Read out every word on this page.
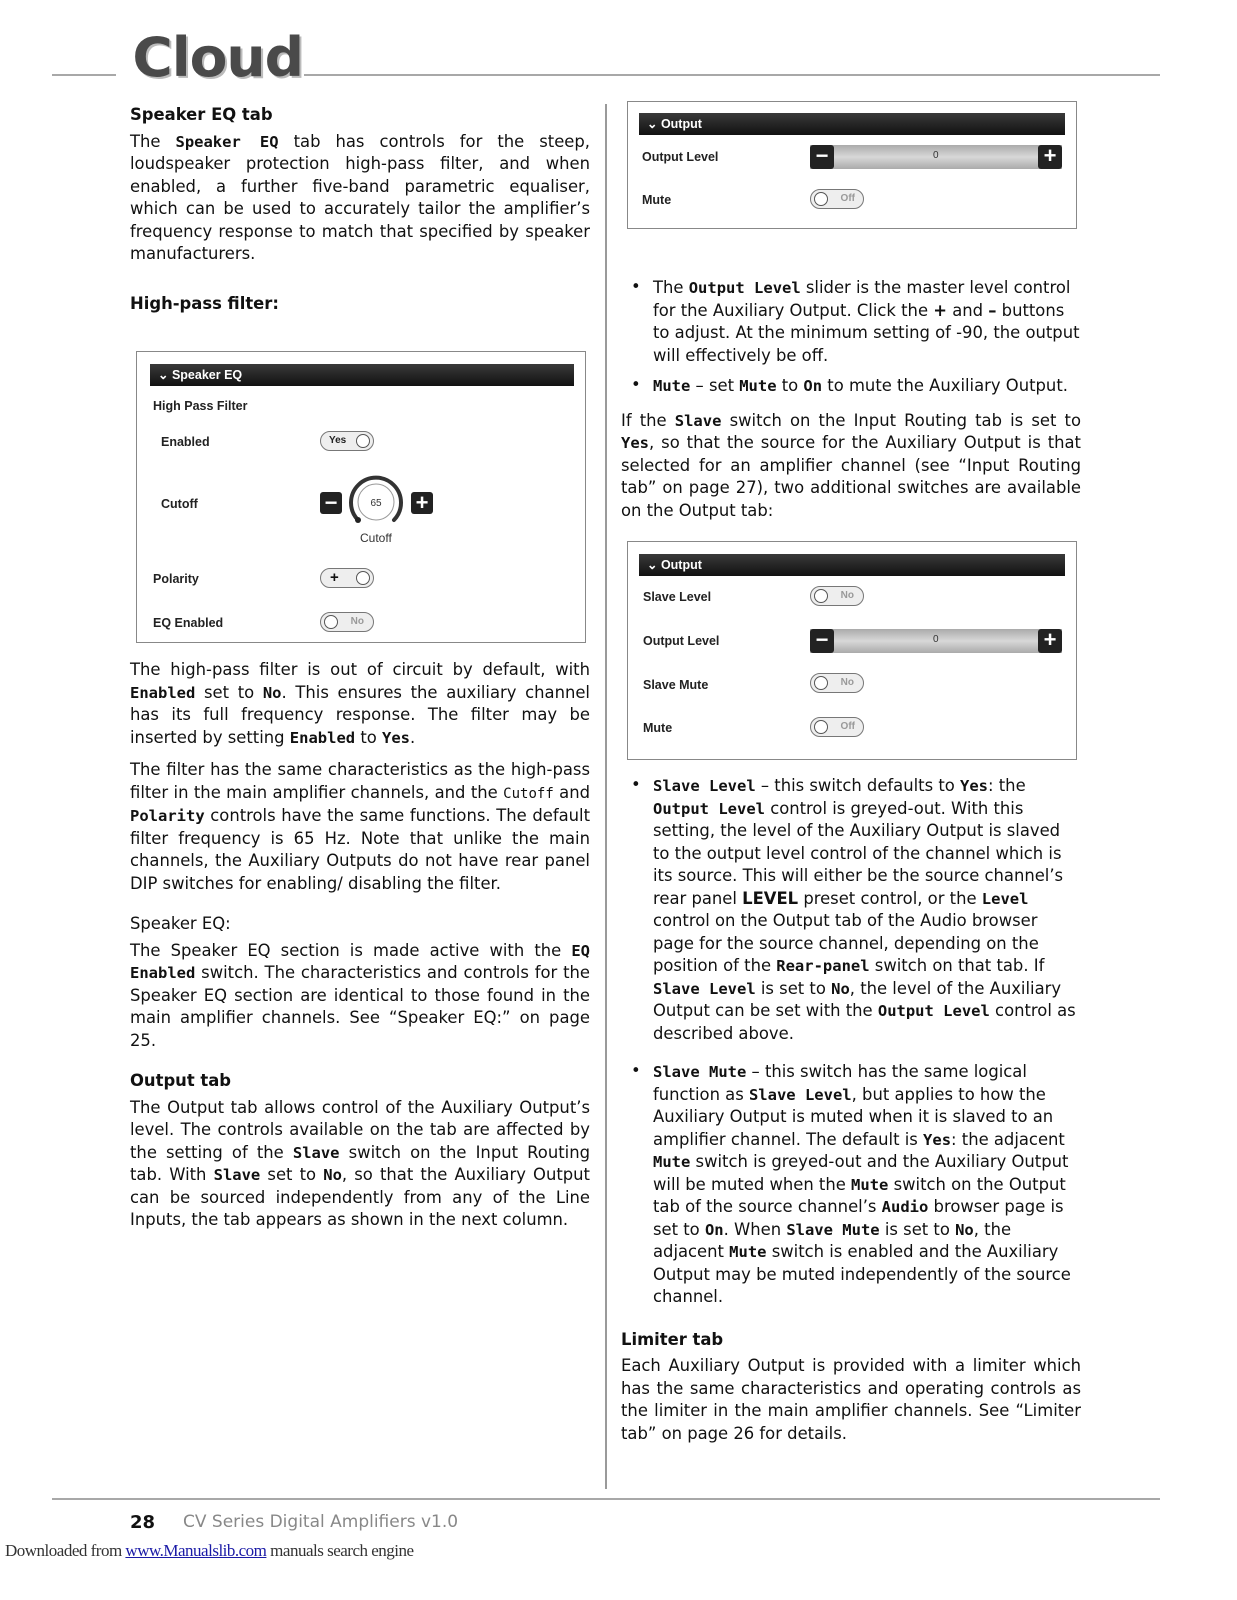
Cloud
Speaker EQ tab

The Speaker EQ tab has controls for the steep, loudspeaker protection high-pass filter, and when enabled, a further five-band parametric equaliser, which can be used to accurately tailor the amplifier’s frequency response to match that specified by speaker manufacturers.

High-pass filter:
⌄ Speaker EQ
High Pass Filter
Enabled	Yes
Cutoff	−	65 +
Cutoff
Polarity	+
EQ Enabled	No

The high-pass filter is out of circuit by default, with Enabled set to No. This ensures the auxiliary channel has its full frequency response. The filter may be inserted by setting Enabled to Yes.

The filter has the same characteristics as the high-pass filter in the main amplifier channels, and the Cutoff and Polarity controls have the same functions. The default filter frequency is 65 Hz. Note that unlike the main channels, the Auxiliary Outputs do not have rear panel DIP switches for enabling/ disabling the filter.

Speaker EQ:

The Speaker EQ section is made active with the EQ Enabled switch. The characteristics and controls for the Speaker EQ section are identical to those found in the main amplifier channels. See “Speaker EQ:” on page 25.

Output tab

The Output tab allows control of the Auxiliary Output’s level. The controls available on the tab are affected by the setting of the Slave switch on the Input Routing tab. With Slave set to No, so that the Auxiliary Output can be sourced independently from any of the Line Inputs, the tab appears as shown in the next column.

⌄ Output
Output Level	−	0	+
Mute	Off
• The Output Level slider is the master level control for the Auxiliary Output. Click the + and – buttons to adjust. At the minimum setting of -90, the output will effectively be off.
• Mute – set Mute to On to mute the Auxiliary Output.

If the Slave switch on the Input Routing tab is set to Yes, so that the source for the Auxiliary Output is that selected for an amplifier channel (see “Input Routing tab” on page 27), two additional switches are available on the Output tab:

⌄ Output
Slave Level	No
Output Level	−	0	+
Slave Mute	No
Mute	Off
• Slave Level – this switch defaults to Yes: the Output Level control is greyed-out. With this setting, the level of the Auxiliary Output is slaved to the output level control of the channel which is its source. This will either be the source channel’s rear panel LEVEL preset control, or the Level control on the Output tab of the Audio browser page for the source channel, depending on the position of the Rear-panel switch on that tab. If Slave Level is set to No, the level of the Auxiliary Output can be set with the Output Level control as described above.
• Slave Mute – this switch has the same logical function as Slave Level, but applies to how the Auxiliary Output is muted when it is slaved to an amplifier channel. The default is Yes: the adjacent Mute switch is greyed-out and the Auxiliary Output will be muted when the Mute switch on the Output tab of the source channel’s Audio browser page is set to On. When Slave Mute is set to No, the adjacent Mute switch is enabled and the Auxiliary Output may be muted independently of the source channel.
Limiter tab

Each Auxiliary Output is provided with a limiter which has the same characteristics and operating controls as the limiter in the main amplifier channels. See “Limiter tab” on page 26 for details.

28 CV Series Digital Amplifiers v1.0
Downloaded from www.Manualslib.com manuals search engine
